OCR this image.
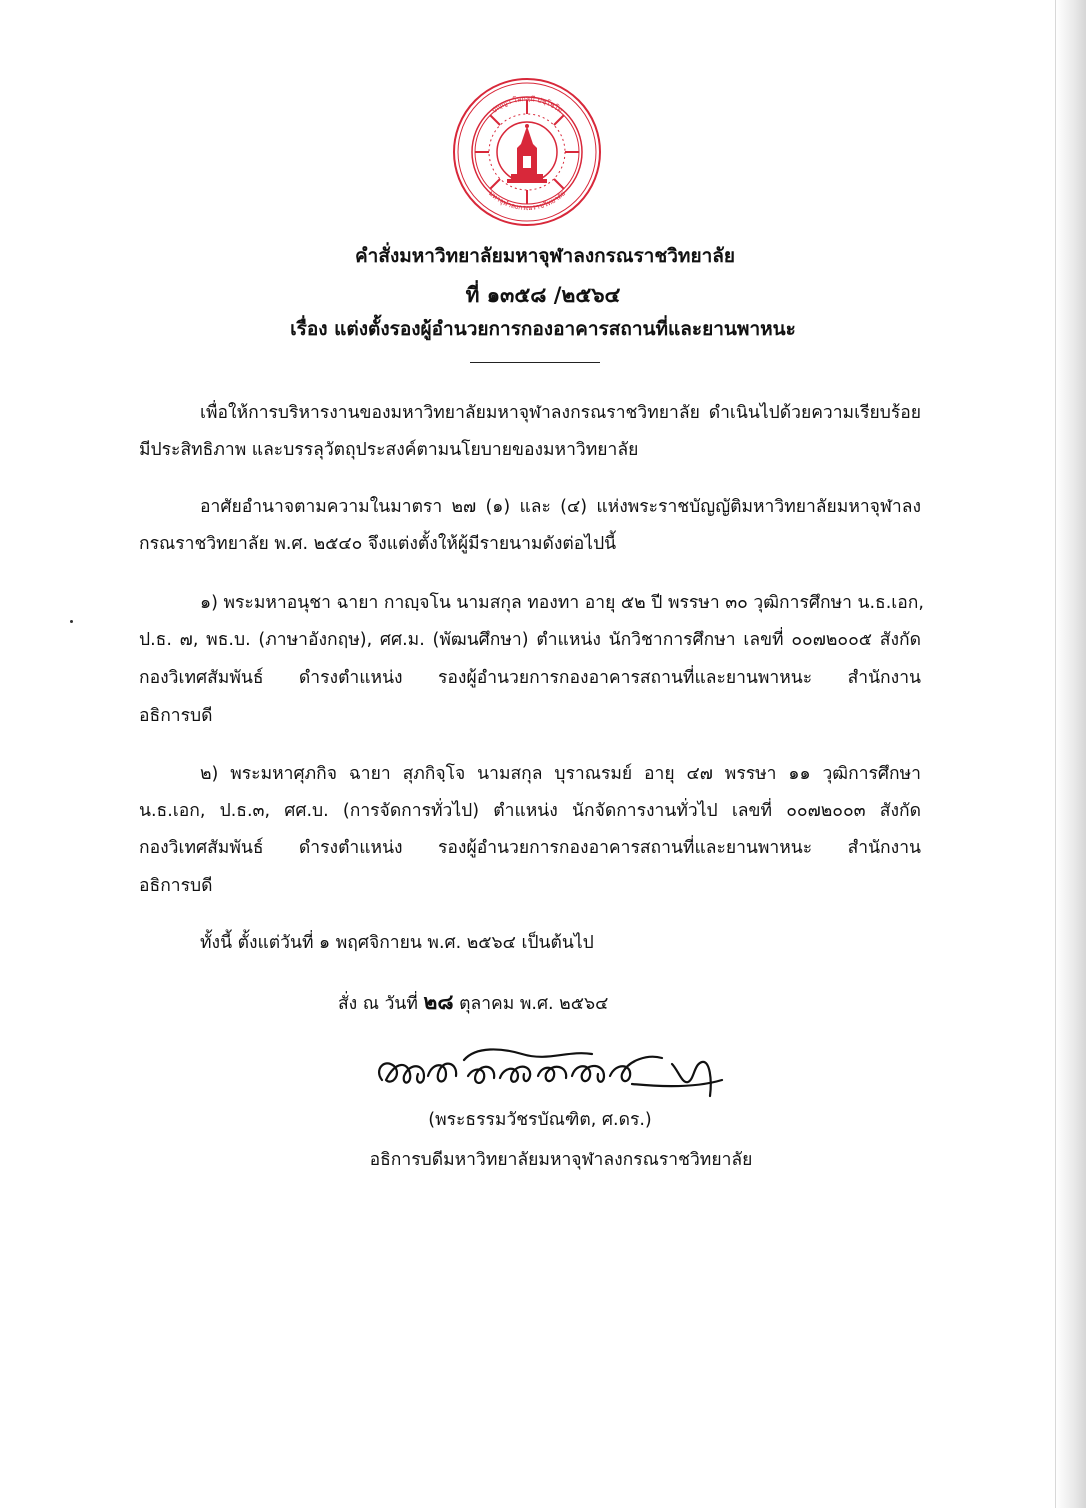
ปญฺญา โลกสฺมึ ปชฺโชโต
มหาจุฬาลงกรณราชวิทยาลัย
คำสั่งมหาวิทยาลัยมหาจุฬาลงกรณราชวิทยาลัย
ที่ ๑๓๕๘ /๒๕๖๔
เรื่อง แต่งตั้งรองผู้อำนวยการกองอาคารสถานที่และยานพาหนะ
เพื่อให้การบริหารงานของมหาวิทยาลัยมหาจุฬาลงกรณราชวิทยาลัย ดำเนินไปด้วยความเรียบร้อย
มีประสิทธิภาพ และบรรลุวัตถุประสงค์ตามนโยบายของมหาวิทยาลัย
อาศัยอำนาจตามความในมาตรา ๒๗ (๑) และ (๔) แห่งพระราชบัญญัติมหาวิทยาลัยมหาจุฬาลง
กรณราชวิทยาลัย พ.ศ. ๒๕๔๐ จึงแต่งตั้งให้ผู้มีรายนามดังต่อไปนี้
๑) พระมหาอนุชา ฉายา กาญฺจโน นามสกุล ทองทา อายุ ๕๒ ปี พรรษา ๓๐ วุฒิการศึกษา น.ธ.เอก,
ป.ธ. ๗, พธ.บ. (ภาษาอังกฤษ), ศศ.ม. (พัฒนศึกษา) ตำแหน่ง นักวิชาการศึกษา เลขที่ ๐๐๗๒๐๐๕ สังกัด
กองวิเทศสัมพันธ์ ดำรงตำแหน่ง รองผู้อำนวยการกองอาคารสถานที่และยานพาหนะ สำนักงาน
อธิการบดี
๒) พระมหาศุภกิจ ฉายา สุภกิจฺโจ นามสกุล บุราณรมย์ อายุ ๔๗ พรรษา ๑๑ วุฒิการศึกษา
น.ธ.เอก, ป.ธ.๓, ศศ.บ. (การจัดการทั่วไป) ตำแหน่ง นักจัดการงานทั่วไป เลขที่ ๐๐๗๒๐๐๓ สังกัด
กองวิเทศสัมพันธ์ ดำรงตำแหน่ง รองผู้อำนวยการกองอาคารสถานที่และยานพาหนะ สำนักงาน
อธิการบดี
ทั้งนี้ ตั้งแต่วันที่ ๑ พฤศจิกายน พ.ศ. ๒๕๖๔ เป็นต้นไป
สั่ง ณ วันที่ ๒๘ ตุลาคม พ.ศ. ๒๕๖๔
(พระธรรมวัชรบัณฑิต, ศ.ดร.)
อธิการบดีมหาวิทยาลัยมหาจุฬาลงกรณราชวิทยาลัย
